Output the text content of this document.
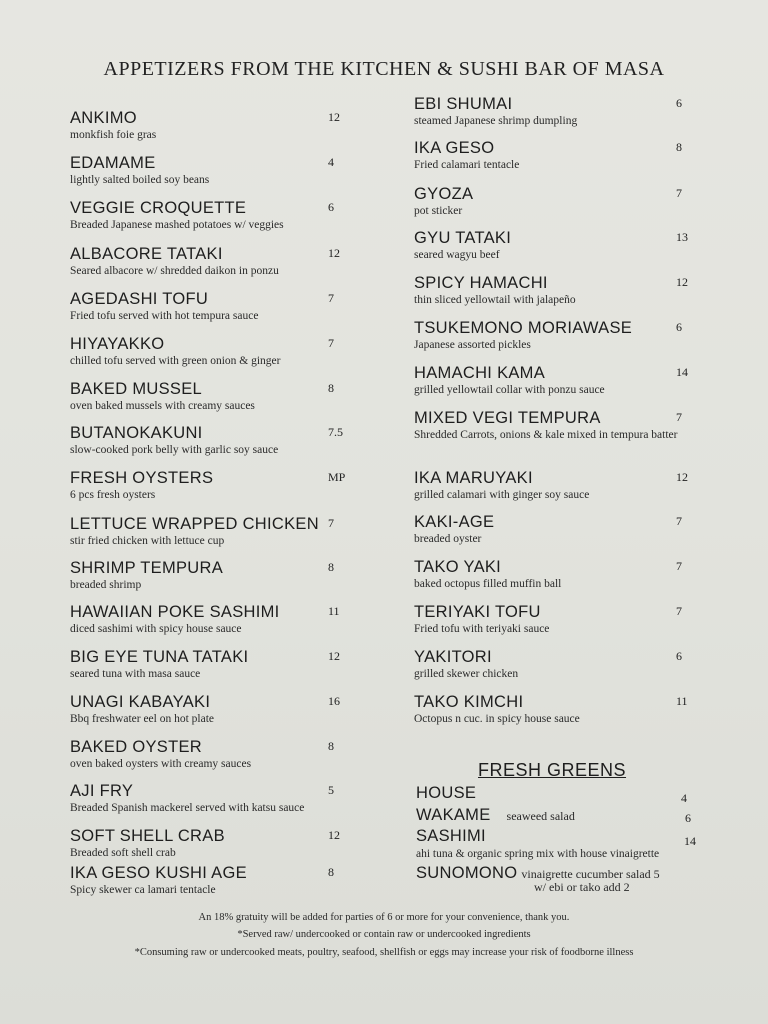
APPETIZERS FROM THE KITCHEN & SUSHI BAR OF MASA
ANKIMO	12
monkfish foie gras
EDAMAME	4
lightly salted boiled soy beans
VEGGIE CROQUETTE	6
Breaded Japanese mashed potatoes w/ veggies
ALBACORE TATAKI	12
Seared albacore w/ shredded daikon in ponzu
AGEDASHI TOFU	7
Fried tofu served with hot tempura sauce
HIYAYAKKO	7
chilled tofu served with green onion & ginger
BAKED MUSSEL	8
oven baked mussels with creamy sauces
BUTANOKAKUNI	7.5
slow-cooked pork belly with garlic soy sauce
FRESH OYSTERS	MP
6 pcs fresh oysters
LETTUCE WRAPPED CHICKEN 7
stir fried chicken with lettuce cup
SHRIMP TEMPURA	8
breaded shrimp
HAWAIIAN POKE SASHIMI	11
diced sashimi with spicy house sauce
BIG EYE TUNA TATAKI	12
seared tuna with masa sauce
UNAGI KABAYAKI	16
Bbq freshwater eel on hot plate
BAKED OYSTER	8
oven baked oysters with creamy sauces
AJI FRY	5
Breaded Spanish mackerel served with katsu sauce
SOFT SHELL CRAB	12
Breaded soft shell crab
IKA GESO KUSHI AGE	8
Spicy skewer ca lamari tentacle
EBI SHUMAI	6
steamed Japanese shrimp dumpling
IKA GESO	8
Fried calamari tentacle
GYOZA	7
pot sticker
GYU TATAKI	13
seared wagyu beef
SPICY HAMACHI	12
thin sliced yellowtail with jalapeño
TSUKEMONO MORIAWASE	6
Japanese assorted pickles
HAMACHI KAMA	14
grilled yellowtail collar with ponzu sauce
MIXED VEGI TEMPURA	7
Shredded Carrots, onions & kale mixed in tempura batter
IKA MARUYAKI	12
grilled calamari with ginger soy sauce
KAKI-AGE	7
breaded oyster
TAKO YAKI	7
baked octopus filled muffin ball
TERIYAKI TOFU	7
Fried tofu with teriyaki sauce
YAKITORI	6
grilled skewer chicken
TAKO KIMCHI	11
Octopus n cuc. in spicy house sauce
FRESH GREENS
HOUSE	4
WAKAME seaweed salad	6
SASHIMI
ahi tuna & organic spring mix with house vinaigrette
14
SUNOMONO vinaigrette cucumber salad 5
w/ ebi or tako add 2
An 18% gratuity will be added for parties of 6 or more for your convenience, thank you.
*Served raw/ undercooked or contain raw or undercooked ingredients
*Consuming raw or undercooked meats, poultry, seafood, shellfish or eggs may increase your risk of foodborne illness
